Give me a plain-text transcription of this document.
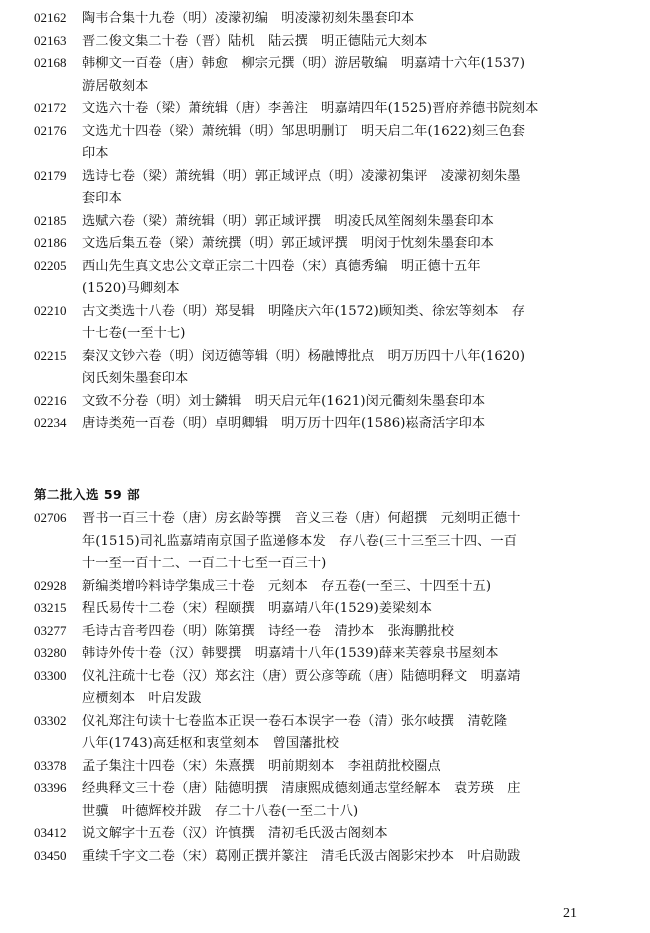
02162 陶韦合集十九卷（明）凌濛初编　明凌濛初刻朱墨套印本
02163 晋二俊文集二十卷（晋）陆机　陆云撰　明正德陆元大刻本
02168 韩柳文一百卷（唐）韩愈　柳宗元撰（明）游居敬编　明嘉靖十六年(1537)
游居敬刻本
02172 文选六十卷（梁）萧统辑（唐）李善注　明嘉靖四年(1525)晋府养德书院刻本
02176 文选尤十四卷（梁）萧统辑（明）邹思明删订　明天启二年(1622)刻三色套
印本
02179 选诗七卷（梁）萧统辑（明）郭正域评点（明）凌濛初集评　凌濛初刻朱墨
套印本
02185 选赋六卷（梁）萧统辑（明）郭正域评撰　明凌氏凤笙阁刻朱墨套印本
02186 文选后集五卷（梁）萧统撰（明）郭正域评撰　明闵于忱刻朱墨套印本
02205 西山先生真文忠公文章正宗二十四卷（宋）真德秀编　明正德十五年
(1520)马卿刻本
02210 古文类选十八卷（明）郑旻辑　明隆庆六年(1572)顾知类、徐宏等刻本　存
十七卷(一至十七)
02215 秦汉文钞六卷（明）闵迈德等辑（明）杨融博批点　明万历四十八年(1620)
闵氏刻朱墨套印本
02216 文致不分卷（明）刘士鏻辑　明天启元年(1621)闵元衢刻朱墨套印本
02234 唐诗类苑一百卷（明）卓明卿辑　明万历十四年(1586)崧斋活字印本
第二批入选 59 部
02706 晋书一百三十卷（唐）房玄龄等撰　音义三卷（唐）何超撰　元刻明正德十
年(1515)司礼监嘉靖南京国子监递修本发　存八卷(三十三至三十四、一百
十一至一百十二、一百二十七至一百三十)
02928 新编类增吟料诗学集成三十卷　元刻本　存五卷(一至三、十四至十五)
03215 程氏易传十二卷（宋）程颐撰　明嘉靖八年(1529)姜梁刻本
03277 毛诗古音考四卷（明）陈第撰　诗经一卷　清抄本　张海鹏批校
03280 韩诗外传十卷（汉）韩婴撰　明嘉靖十八年(1539)薛来芙蓉泉书屋刻本
03300 仪礼注疏十七卷（汉）郑玄注（唐）贾公彦等疏（唐）陆德明释文　明嘉靖
应槚刻本　叶启发跋
03302 仪礼郑注句读十七卷监本正误一卷石本误字一卷（清）张尔岐撰　清乾隆
八年(1743)高廷枢和衷堂刻本　曾国藩批校
03378 孟子集注十四卷（宋）朱熹撰　明前期刻本　李祖荫批校圈点
03396 经典释文三十卷（唐）陆德明撰　清康熙成德刻通志堂经解本　袁芳瑛　庄
世骥　叶德辉校并跋　存二十八卷(一至二十八)
03412 说文解字十五卷（汉）许慎撰　清初毛氏汲古阁刻本
03450 重续千字文二卷（宋）葛刚正撰并篆注　清毛氏汲古阁影宋抄本　叶启勋跋
21
